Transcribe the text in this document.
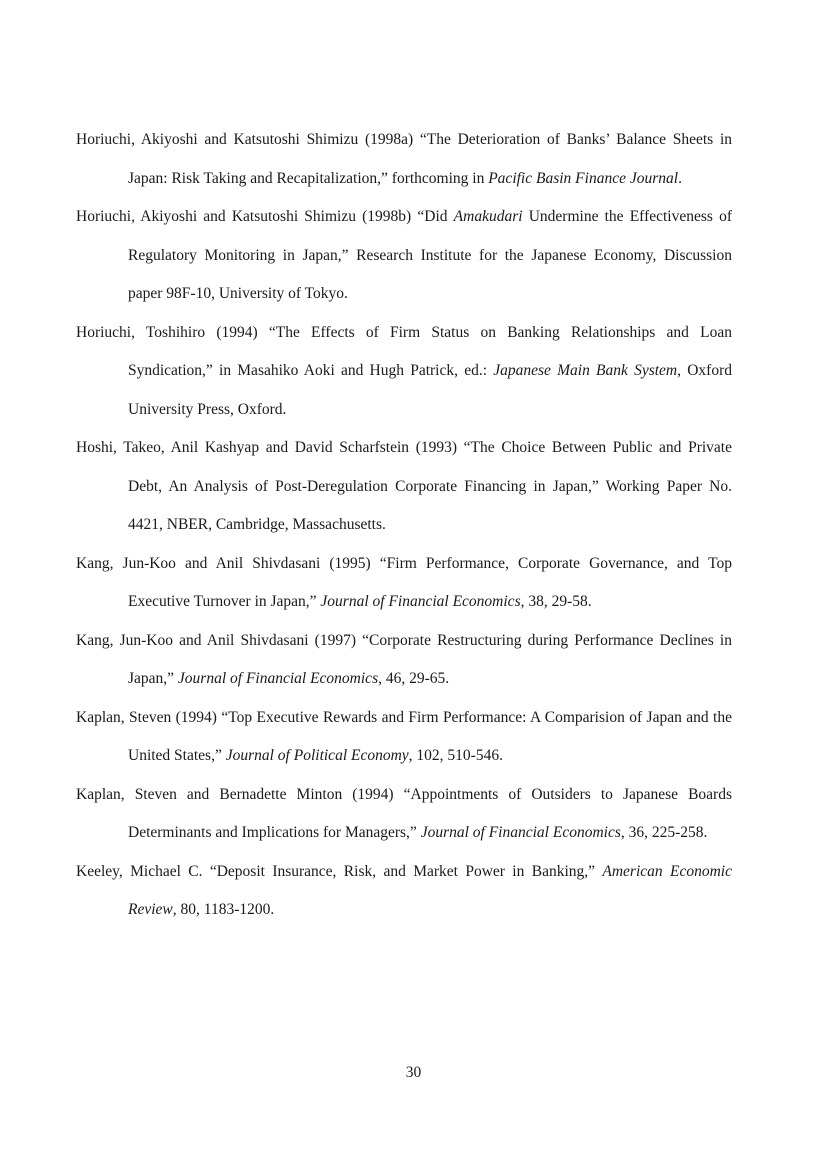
Horiuchi, Akiyoshi and Katsutoshi Shimizu (1998a) “The Deterioration of Banks’ Balance Sheets in Japan: Risk Taking and Recapitalization,” forthcoming in Pacific Basin Finance Journal.

Horiuchi, Akiyoshi and Katsutoshi Shimizu (1998b) “Did Amakudari Undermine the Effectiveness of Regulatory Monitoring in Japan,” Research Institute for the Japanese Economy, Discussion paper 98F-10, University of Tokyo.

Horiuchi, Toshihiro (1994) “The Effects of Firm Status on Banking Relationships and Loan Syndication,” in Masahiko Aoki and Hugh Patrick, ed.: Japanese Main Bank System, Oxford University Press, Oxford.

Hoshi, Takeo, Anil Kashyap and David Scharfstein (1993) “The Choice Between Public and Private Debt, An Analysis of Post-Deregulation Corporate Financing in Japan,” Working Paper No. 4421, NBER, Cambridge, Massachusetts.

Kang, Jun-Koo and Anil Shivdasani (1995) “Firm Performance, Corporate Governance, and Top Executive Turnover in Japan,” Journal of Financial Economics, 38, 29-58.

Kang, Jun-Koo and Anil Shivdasani (1997) “Corporate Restructuring during Performance Declines in Japan,” Journal of Financial Economics, 46, 29-65.

Kaplan, Steven (1994) “Top Executive Rewards and Firm Performance: A Comparision of Japan and the United States,” Journal of Political Economy, 102, 510-546.

Kaplan, Steven and Bernadette Minton (1994) “Appointments of Outsiders to Japanese Boards Determinants and Implications for Managers,” Journal of Financial Economics, 36, 225-258.

Keeley, Michael C. “Deposit Insurance, Risk, and Market Power in Banking,” American Economic Review, 80, 1183-1200.

30
